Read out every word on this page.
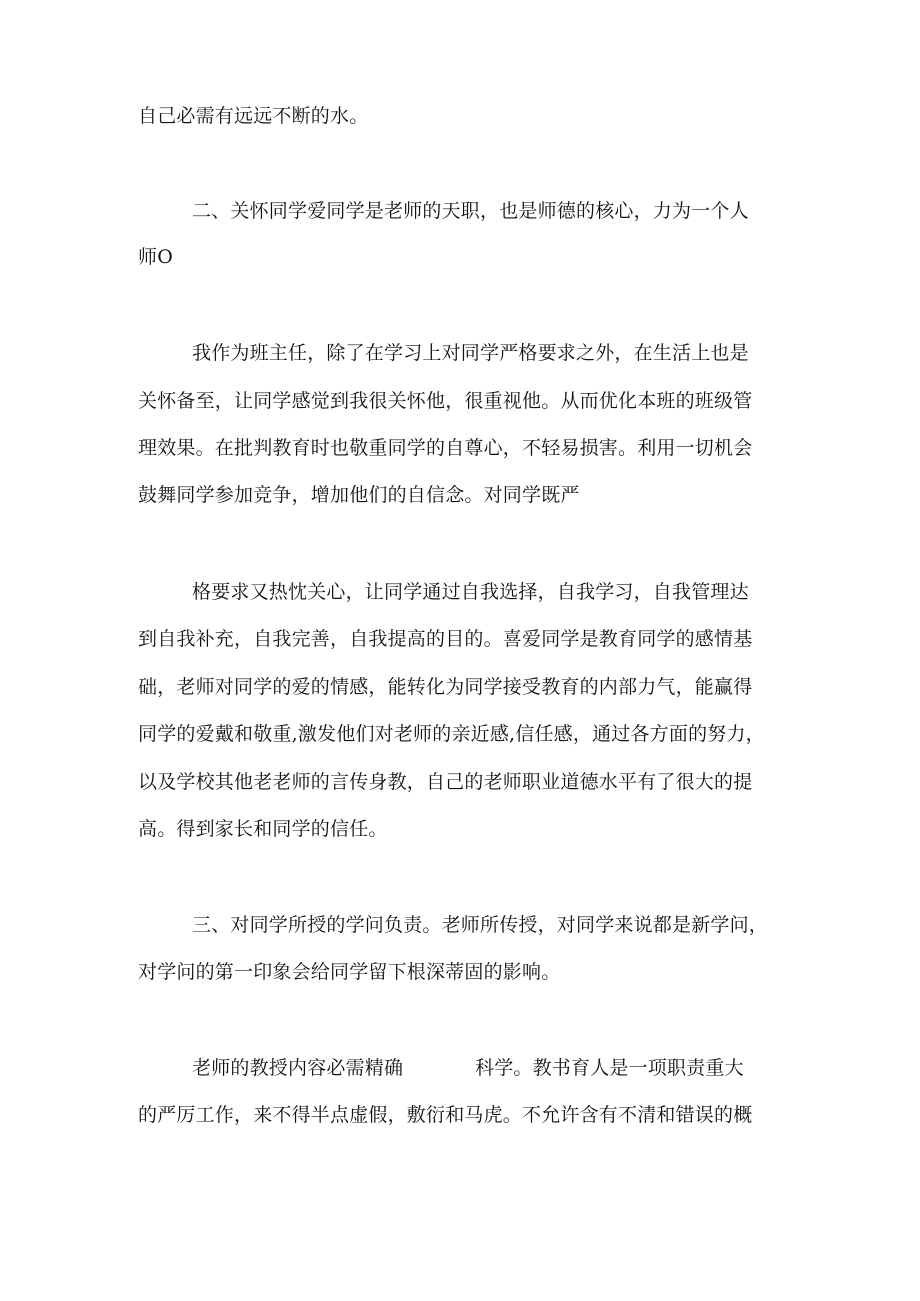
自己必需有远远不断的水。
二、关怀同学爱同学是老师的天职，也是师德的核心，力为一个人
师O
我作为班主任，除了在学习上对同学严格要求之外，在生活上也是
关怀备至，让同学感觉到我很关怀他，很重视他。从而优化本班的班级管
理效果。在批判教育时也敬重同学的自尊心，不轻易损害。利用一切机会
鼓舞同学参加竞争，增加他们的自信念。对同学既严
格要求又热忱关心，让同学通过自我选择，自我学习，自我管理达
到自我补充，自我完善，自我提高的目的。喜爱同学是教育同学的感情基
础，老师对同学的爱的情感，能转化为同学接受教育的内部力气，能赢得
同学的爱戴和敬重,激发他们对老师的亲近感,信任感，通过各方面的努力，
以及学校其他老老师的言传身教，自己的老师职业道德水平有了很大的提
高。得到家长和同学的信任。
三、对同学所授的学问负责。老师所传授，对同学来说都是新学问，
对学问的第一印象会给同学留下根深蒂固的影响。
老师的教授内容必需精确	科学。教书育人是一项职责重大
的严厉工作，来不得半点虚假，敷衍和马虎。不允许含有不清和错误的概
